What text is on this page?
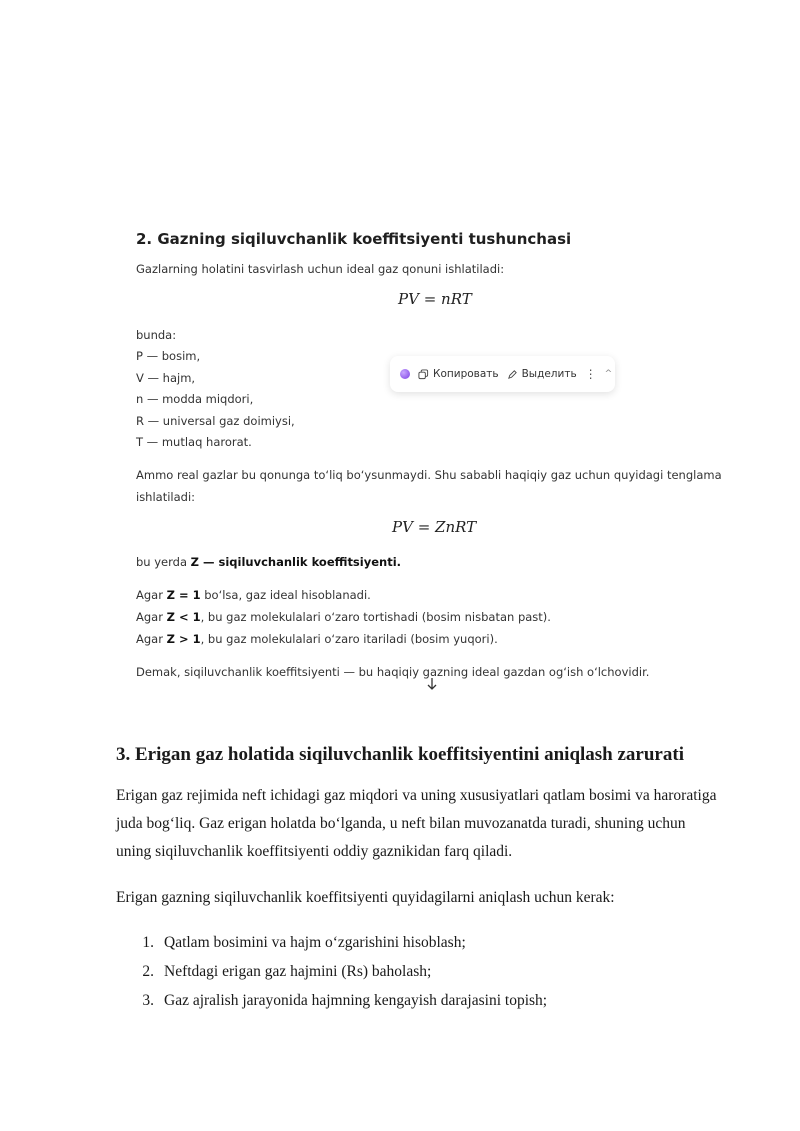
2. Gazning siqiluvchanlik koeffitsiyenti tushunchasi
Gazlarning holatini tasvirlash uchun ideal gaz qonuni ishlatiladi:
PV = nRT
bunda:
P — bosim,
V — hajm,
n — modda miqdori,
R — universal gaz doimiysi,
T — mutlaq harorat.
Ammo real gazlar bu qonunga to‘liq bo‘ysunmaydi. Shu sababli haqiqiy gaz uchun quyidagi tenglama
ishlatiladi:
PV = ZnRT
bu yerda Z — siqiluvchanlik koeffitsiyenti.
Agar Z = 1 bo‘lsa, gaz ideal hisoblanadi.
Agar Z < 1, bu gaz molekulalari o‘zaro tortishadi (bosim nisbatan past).
Agar Z > 1, bu gaz molekulalari o‘zaro itariladi (bosim yuqori).
Demak, siqiluvchanlik koeffitsiyenti — bu haqiqiy gazning ideal gazdan og‘ish o‘lchovidir.
Копировать Выделить ⋮ ^
3. Erigan gaz holatida siqiluvchanlik koeffitsiyentini aniqlash zarurati

Erigan gaz rejimida neft ichidagi gaz miqdori va uning xususiyatlari qatlam bosimi va haroratiga

juda bog‘liq. Gaz erigan holatda bo‘lganda, u neft bilan muvozanatda turadi, shuning uchun

uning siqiluvchanlik koeffitsiyenti oddiy gaznikidan farq qiladi.

Erigan gazning siqiluvchanlik koeffitsiyenti quyidagilarni aniqlash uchun kerak:

1. Qatlam bosimini va hajm o‘zgarishini hisoblash;
2. Neftdagi erigan gaz hajmini (Rs) baholash;
3. Gaz ajralish jarayonida hajmning kengayish darajasini topish;
